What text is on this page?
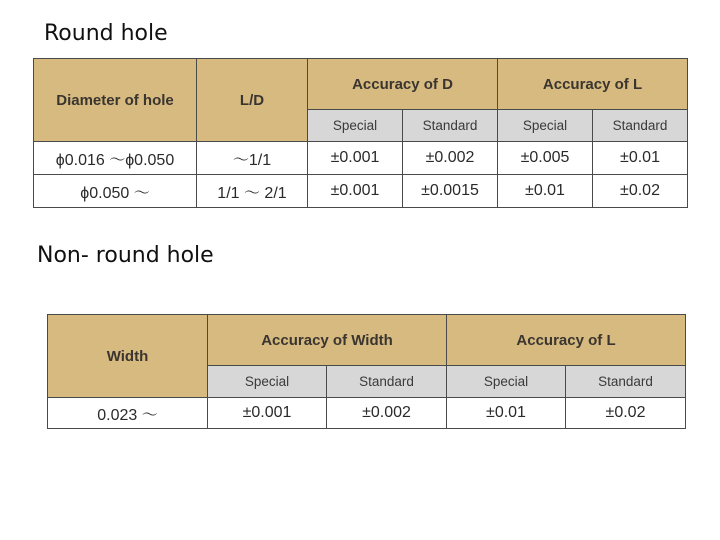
Round hole
Diameter of hole	L/D	Accuracy of D		Accuracy of L	
		Special	Standard	Special	Standard
ϕ0.016 ～ϕ0.050	～1/1	±0.001	±0.002	±0.005	±0.01
ϕ0.050 ～	1/1 ～ 2/1	±0.001	±0.0015	±0.01	±0.02
Non- round hole
Width	Accuracy of Width		Accuracy of L	
	Special	Standard	Special	Standard
0.023 ～	±0.001	±0.002	±0.01	±0.02
